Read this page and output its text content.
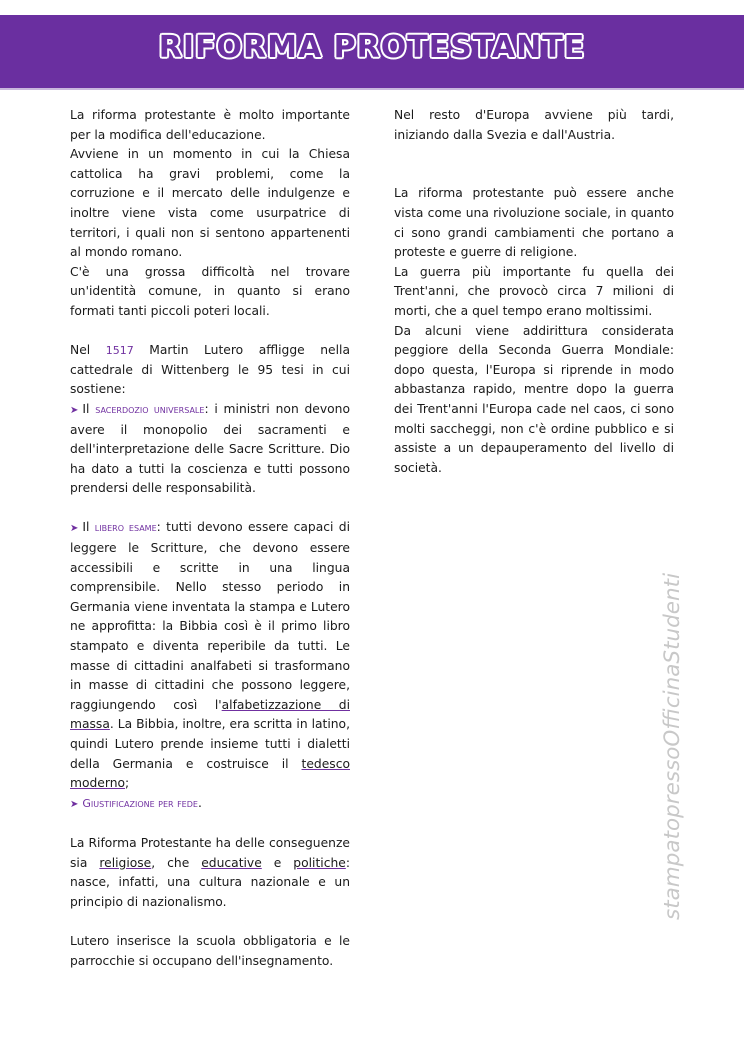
RIFORMA PROTESTANTE

La riforma protestante è molto importante per la modifica dell'educazione.

Avviene in un momento in cui la Chiesa cattolica ha gravi problemi, come la corruzione e il mercato delle indulgenze e inoltre viene vista come usurpatrice di territori, i quali non si sentono appartenenti al mondo romano.

C'è una grossa difficoltà nel trovare un'identità comune, in quanto si erano formati tanti piccoli poteri locali.

Nel 1517 Martin Lutero affligge nella cattedrale di Wittenberg le 95 tesi in cui sostiene:

➤ Il sacerdozio universale: i ministri non devono avere il monopolio dei sacramenti e dell'interpretazione delle Sacre Scritture. Dio ha dato a tutti la coscienza e tutti possono prendersi delle responsabilità.

➤ Il libero esame: tutti devono essere capaci di leggere le Scritture, che devono essere accessibili e scritte in una lingua comprensibile. Nello stesso periodo in Germania viene inventata la stampa e Lutero ne approfitta: la Bibbia così è il primo libro stampato e diventa reperibile da tutti. Le masse di cittadini analfabeti si trasformano in masse di cittadini che possono leggere, raggiungendo così l'alfabetizzazione di massa. La Bibbia, inoltre, era scritta in latino, quindi Lutero prende insieme tutti i dialetti della Germania e costruisce il tedesco moderno;

➤ Giustificazione per fede.

La Riforma Protestante ha delle conseguenze sia religiose, che educative e politiche: nasce, infatti, una cultura nazionale e un principio di nazionalismo.

Lutero inserisce la scuola obbligatoria e le parrocchie si occupano dell'insegnamento.

Nel resto d'Europa avviene più tardi, iniziando dalla Svezia e dall'Austria.

La riforma protestante può essere anche vista come una rivoluzione sociale, in quanto ci sono grandi cambiamenti che portano a proteste e guerre di religione.

La guerra più importante fu quella dei Trent'anni, che provocò circa 7 milioni di morti, che a quel tempo erano moltissimi.

Da alcuni viene addirittura considerata peggiore della Seconda Guerra Mondiale: dopo questa, l'Europa si riprende in modo abbastanza rapido, mentre dopo la guerra dei Trent'anni l'Europa cade nel caos, ci sono molti saccheggi, non c'è ordine pubblico e si assiste a un depauperamento del livello di società.

stampatopressoOfficinaStudenti
